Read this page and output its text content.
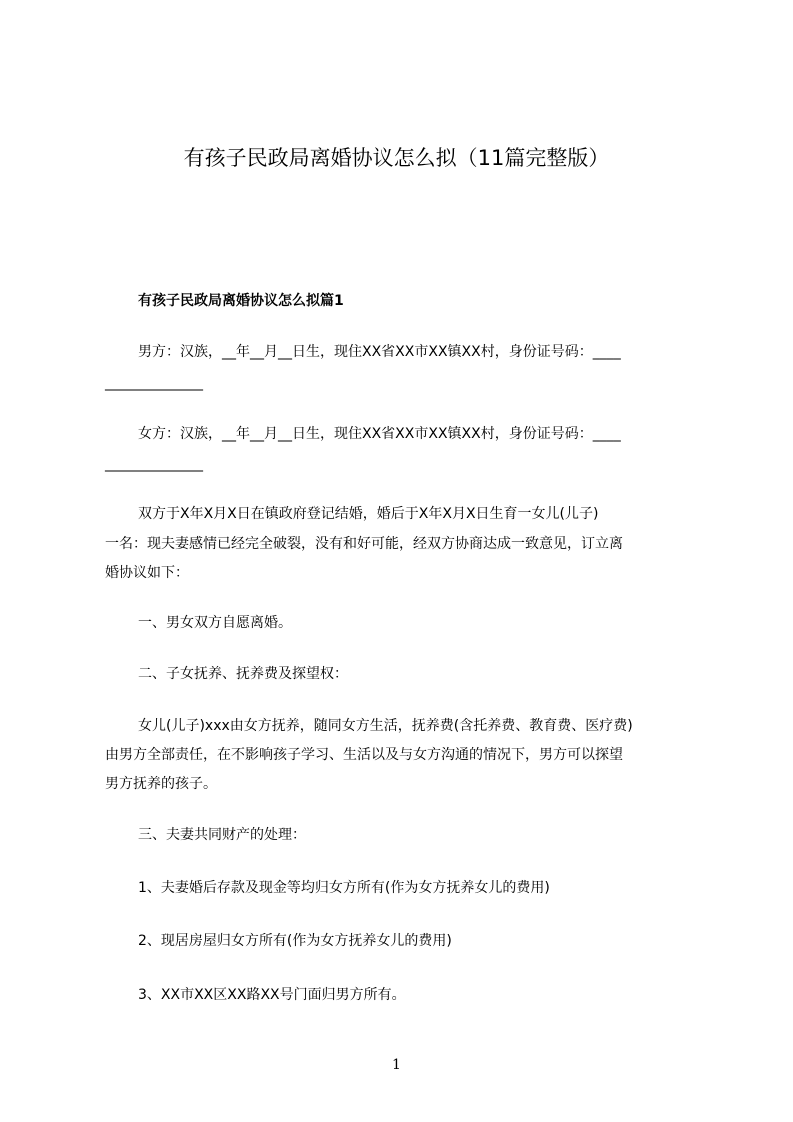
有孩子民政局离婚协议怎么拟（11篇完整版）
有孩子民政局离婚协议怎么拟篇1
男方：汉族，__年__月__日生，现住XX省XX市XX镇XX村，身份证号码：____
______________
女方：汉族，__年__月__日生，现住XX省XX市XX镇XX村，身份证号码：____
______________
双方于X年X月X日在镇政府登记结婚，婚后于X年X月X日生育一女儿(儿子)
一名：现夫妻感情已经完全破裂，没有和好可能，经双方协商达成一致意见，订立离
婚协议如下：
一、男女双方自愿离婚。
二、子女抚养、抚养费及探望权：
女儿(儿子)xxx由女方抚养，随同女方生活，抚养费(含托养费、教育费、医疗费)
由男方全部责任，在不影响孩子学习、生活以及与女方沟通的情况下，男方可以探望
男方抚养的孩子。
三、夫妻共同财产的处理：
1、夫妻婚后存款及现金等均归女方所有(作为女方抚养女儿的费用)
2、现居房屋归女方所有(作为女方抚养女儿的费用)
3、XX市XX区XX路XX号门面归男方所有。
1
